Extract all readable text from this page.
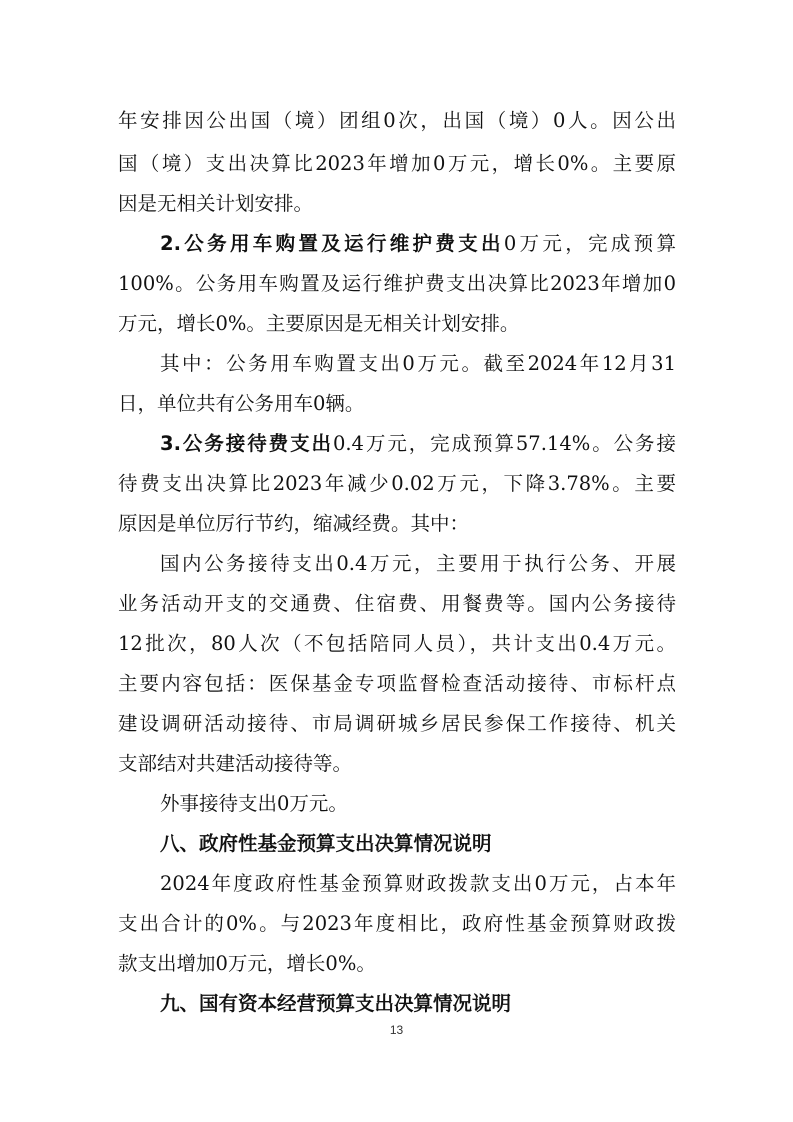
年安排因公出国（境）团组0次，出国（境）0人。因公出
国（境）支出决算比2023年增加0万元，增长0%。主要原
因是无相关计划安排。
2.公务用车购置及运行维护费支出0万元，完成预算
100%。公务用车购置及运行维护费支出决算比2023年增加0
万元，增长0%。主要原因是无相关计划安排。
其中：公务用车购置支出0万元。截至2024年12月31
日，单位共有公务用车0辆。
3.公务接待费支出0.4万元，完成预算57.14%。公务接
待费支出决算比2023年减少0.02万元，下降3.78%。主要
原因是单位厉行节约，缩减经费。其中：
国内公务接待支出0.4万元，主要用于执行公务、开展
业务活动开支的交通费、住宿费、用餐费等。国内公务接待
12批次，80人次（不包括陪同人员），共计支出0.4万元。
主要内容包括：医保基金专项监督检查活动接待、市标杆点
建设调研活动接待、市局调研城乡居民参保工作接待、机关
支部结对共建活动接待等。
外事接待支出0万元。
八、政府性基金预算支出决算情况说明
2024年度政府性基金预算财政拨款支出0万元，占本年
支出合计的0%。与2023年度相比，政府性基金预算财政拨
款支出增加0万元，增长0%。
九、国有资本经营预算支出决算情况说明
13
